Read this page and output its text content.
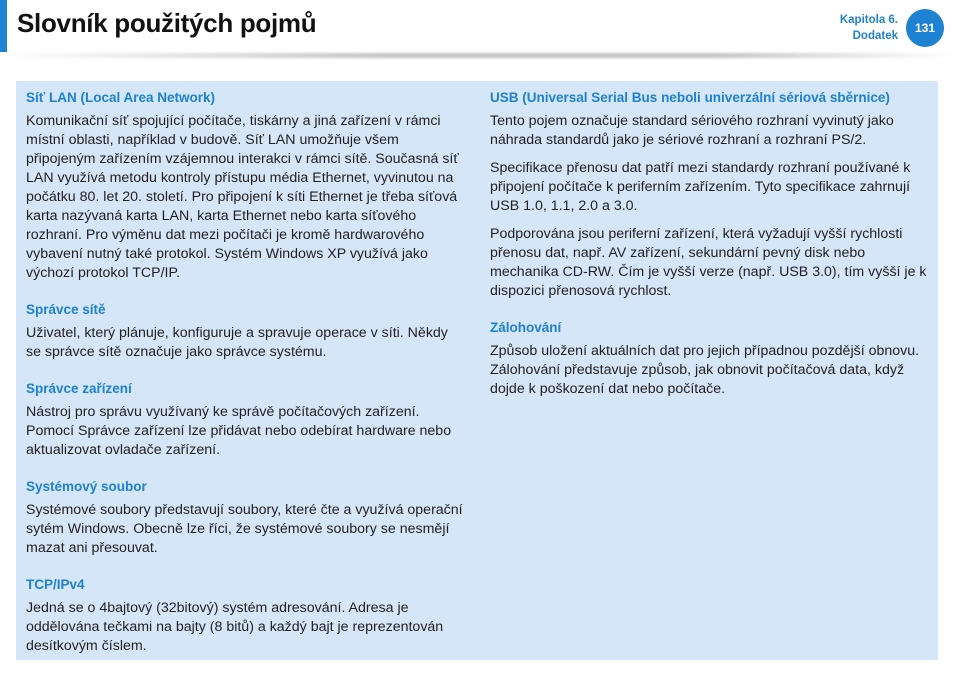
Slovník použitých pojmů	Kapitola 6.
Dodatek
131
Síť LAN (Local Area Network)

Komunikační síť spojující počítače, tiskárny a jiná zařízení v rámci místní oblasti, například v budově. Síť LAN umožňuje všem připojeným zařízením vzájemnou interakci v rámci sítě. Současná síť LAN využívá metodu kontroly přístupu média Ethernet, vyvinutou na počátku 80. let 20. století. Pro připojení k síti Ethernet je třeba síťová karta nazývaná karta LAN, karta Ethernet nebo karta síťového rozhraní. Pro výměnu dat mezi počítači je kromě hardwarového vybavení nutný také protokol. Systém Windows XP využívá jako výchozí protokol TCP/IP.

Správce sítě

Uživatel, který plánuje, konfiguruje a spravuje operace v síti. Někdy se správce sítě označuje jako správce systému.

Správce zařízení

Nástroj pro správu využívaný ke správě počítačových zařízení. Pomocí Správce zařízení lze přidávat nebo odebírat hardware nebo aktualizovat ovladače zařízení.

Systémový soubor

Systémové soubory představují soubory, které čte a využívá operační sytém Windows. Obecně lze říci, že systémové soubory se nesmějí mazat ani přesouvat.

TCP/IPv4

Jedná se o 4bajtový (32bitový) systém adresování. Adresa je oddělována tečkami na bajty (8 bitů) a každý bajt je reprezentován desítkovým číslem.

USB (Universal Serial Bus neboli univerzální sériová sběrnice)

Tento pojem označuje standard sériového rozhraní vyvinutý jako náhrada standardů jako je sériové rozhraní a rozhraní PS/2.

Specifikace přenosu dat patří mezi standardy rozhraní používané k připojení počítače k periferním zařízením. Tyto specifikace zahrnují USB 1.0, 1.1, 2.0 a 3.0.

Podporována jsou periferní zařízení, která vyžadují vyšší rychlosti přenosu dat, např. AV zařízení, sekundární pevný disk nebo mechanika CD-RW. Čím je vyšší verze (např. USB 3.0), tím vyšší je k dispozici přenosová rychlost.

Zálohování

Způsob uložení aktuálních dat pro jejich případnou pozdější obnovu. Zálohování představuje způsob, jak obnovit počítačová data, když dojde k poškození dat nebo počítače.
